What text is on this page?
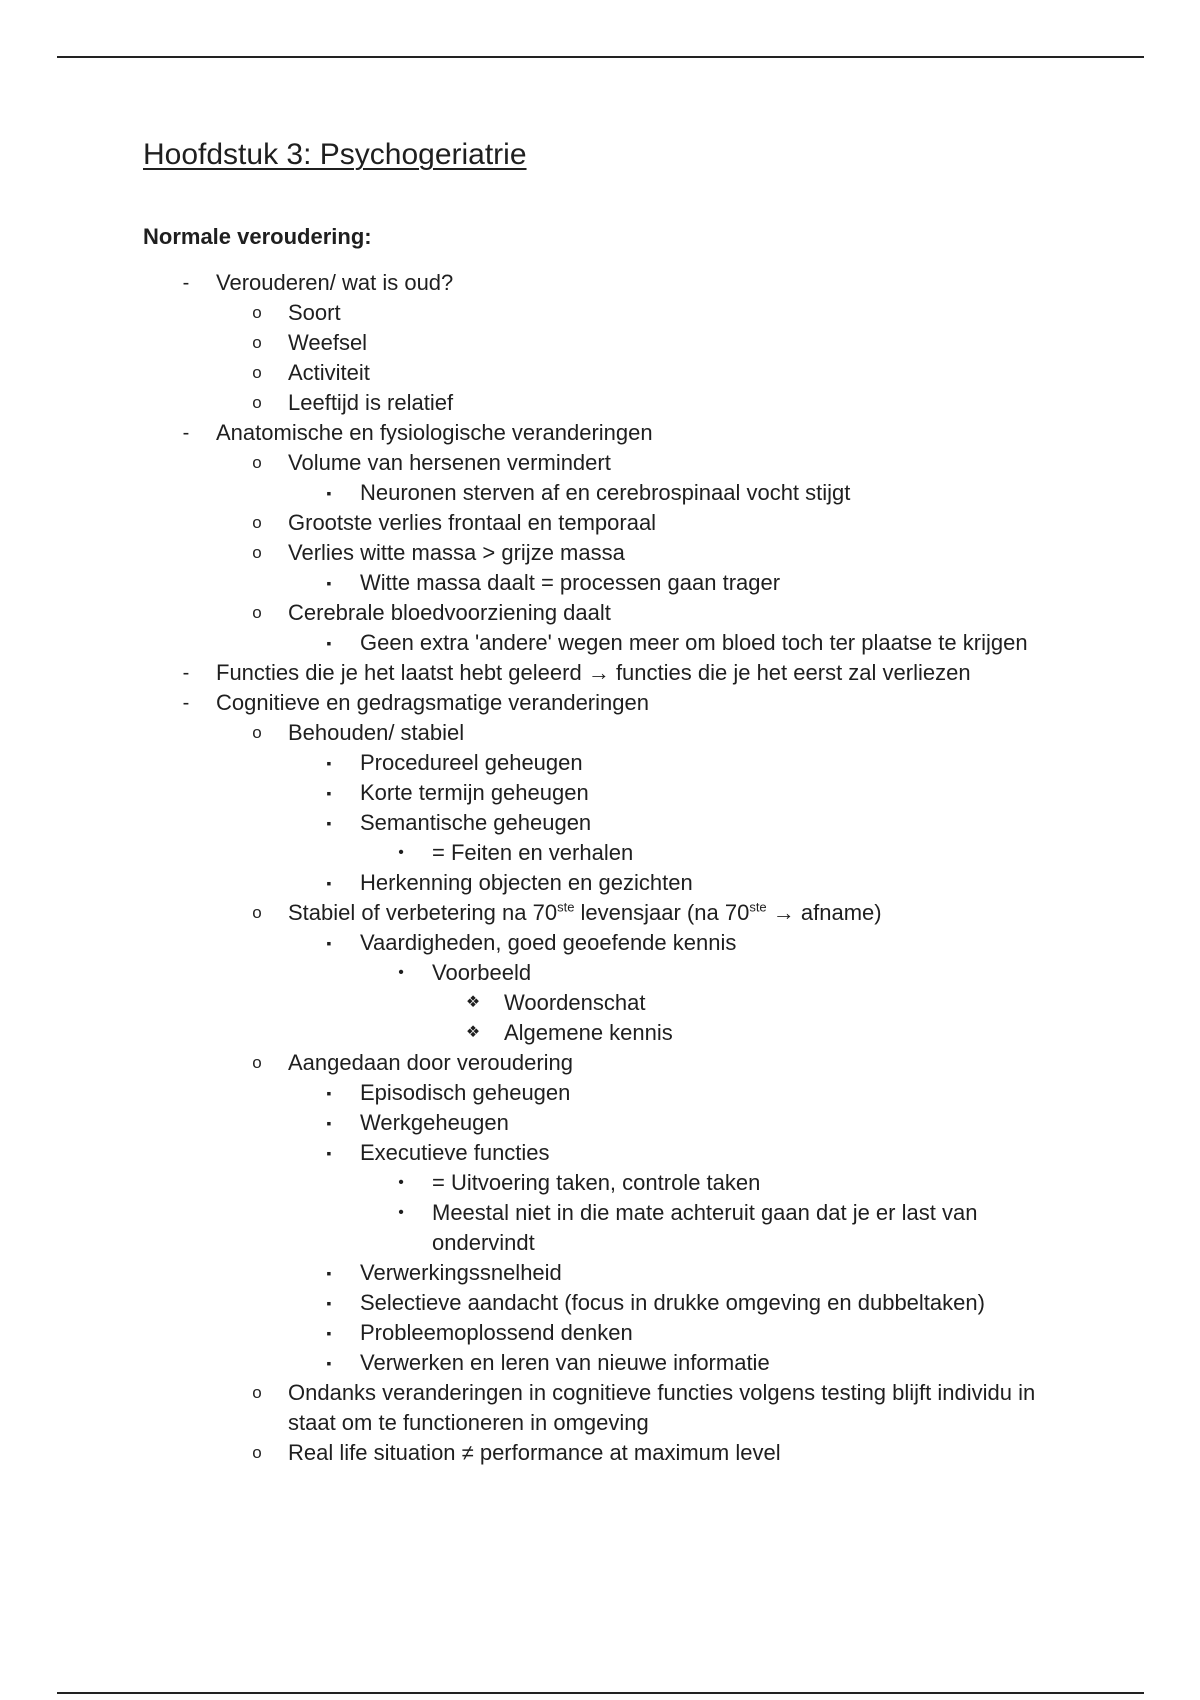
Hoofdstuk 3: Psychogeriatrie
Normale veroudering:
-	Verouderen/ wat is oud?
o	Soort
o	Weefsel
o	Activiteit
o	Leeftijd is relatief
-	Anatomische en fysiologische veranderingen
o	Volume van hersenen vermindert
▪	Neuronen sterven af en cerebrospinaal vocht stijgt
o	Grootste verlies frontaal en temporaal
o	Verlies witte massa > grijze massa
▪	Witte massa daalt = processen gaan trager
o	Cerebrale bloedvoorziening daalt
▪	Geen extra 'andere' wegen meer om bloed toch ter plaatse te krijgen
-	Functies die je het laatst hebt geleerd → functies die je het eerst zal verliezen
-	Cognitieve en gedragsmatige veranderingen
o	Behouden/ stabiel
▪	Procedureel geheugen
▪	Korte termijn geheugen
▪	Semantische geheugen
•	= Feiten en verhalen
▪	Herkenning objecten en gezichten
o	Stabiel of verbetering na 70ste levensjaar (na 70ste → afname)
▪	Vaardigheden, goed geoefende kennis
•	Voorbeeld
❖	Woordenschat
❖	Algemene kennis
o	Aangedaan door veroudering
▪	Episodisch geheugen
▪	Werkgeheugen
▪	Executieve functies
•	= Uitvoering taken, controle taken
•	Meestal niet in die mate achteruit gaan dat je er last van ondervindt
▪	Verwerkingssnelheid
▪	Selectieve aandacht (focus in drukke omgeving en dubbeltaken)
▪	Probleemoplossend denken
▪	Verwerken en leren van nieuwe informatie
o	Ondanks veranderingen in cognitieve functies volgens testing blijft individu in staat om te functioneren in omgeving
o	Real life situation ≠ performance at maximum level
